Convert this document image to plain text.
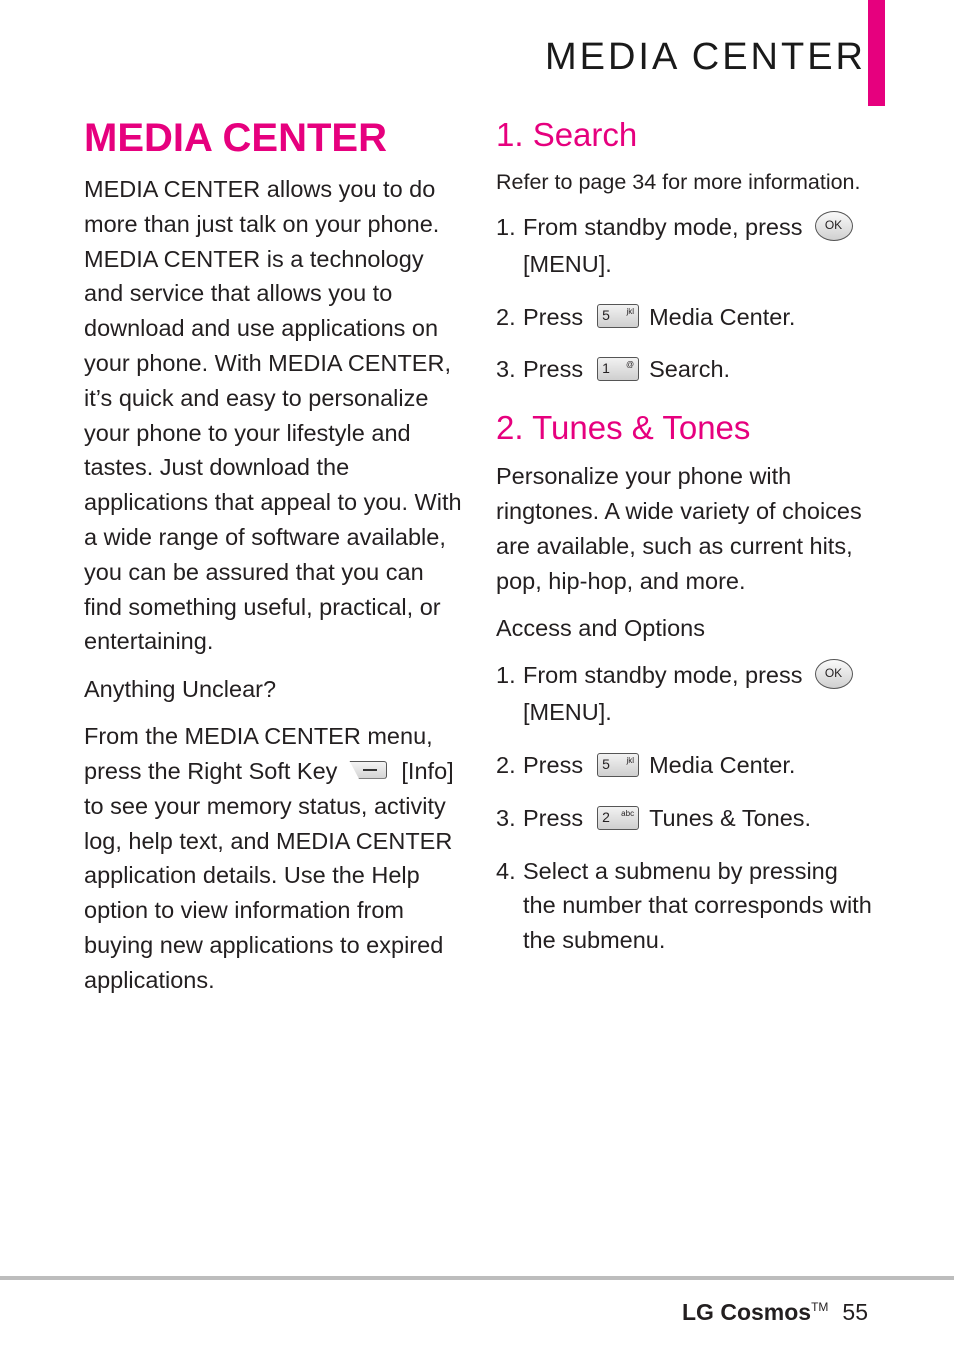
MEDIA CENTER
MEDIA CENTER

MEDIA CENTER allows you to do more than just talk on your phone. MEDIA CENTER is a technology and service that allows you to download and use applications on your phone. With MEDIA CENTER, it’s quick and easy to personalize your phone to your lifestyle and tastes. Just download the applications that appeal to you. With a wide range of software available, you can be assured that you can find something useful, practical, or entertaining.

Anything Unclear?

From the MEDIA CENTER menu, press the Right Soft Key	[Info] to see your memory status, activity log, help text, and MEDIA CENTER application details. Use the Help option to view information from buying new applications to expired applications.

1. Search

Refer to page 34 for more information.

1. From standby mode, press OK
[MENU].
2. Press 5 jkl Media Center.
3. Press 1 @ Search.
2. Tunes & Tones

Personalize your phone with ringtones. A wide variety of choices are available, such as current hits, pop, hip-hop, and more.

Access and Options

1. From standby mode, press OK
[MENU].
2. Press 5 jkl Media Center.
3. Press 2 abc Tunes & Tones.
4. Select a submenu by pressing the number that corresponds with the submenu.
LG Cosmos™ 55
